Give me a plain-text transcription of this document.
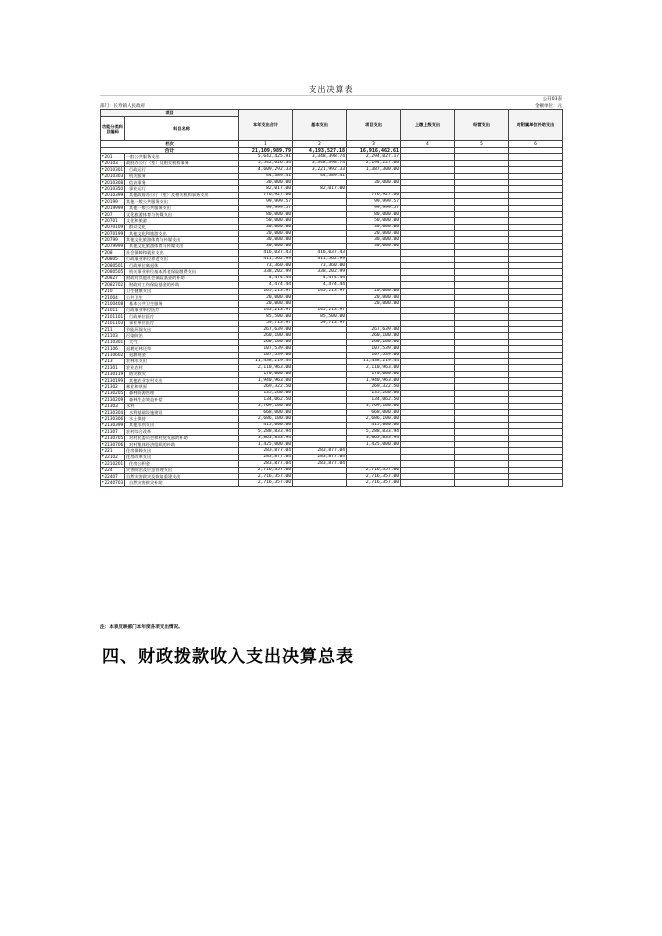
支出决算表
公开03表
部门：长寿镇人民政府	金额单位：元
项目		本年支出合计	基本支出	项目支出	上缴上级支出	经营支出	对附属单位补助支出
功能分类科目编码	科目名称						
栏次		1	2	3	4	5	6
合计		21,109,989.79	4,193,527.18	16,916,462.61			
201	一般公共服务支出	5,642,425.91	3,348,398.74	2,294,027.17			
20103	政府办公厅（室）及相关机构事务	5,542,626.34	3,348,398.74	2,194,227.60			
2010301	行政运行	4,609,292.33	3,221,992.33	1,387,300.00			
2010303	机关服务	44,389.41	44,389.41				
2010308	信访事务	30,000.00		30,000.00			
2010350	事业运行	82,017.00	82,017.00				
2010399	其他政府办公厅（室）及相关机构事务支出	776,927.60		776,927.60			
20199	其他一般公共服务支出	99,999.57		99,999.57			
2019999	其他一般公共服务支出	99,999.57		99,999.57			
207	文化旅游体育与传媒支出	80,000.00		80,000.00			
20701	文化和旅游	50,000.00		50,000.00			
2070109	群众文化	30,000.00		30,000.00			
2070199	其他文化和旅游支出	20,000.00		20,000.00			
20799	其他文化旅游体育与传媒支出	30,000.00		30,000.00			
2079999	其他文化旅游体育与传媒支出	30,000.00		30,000.00			
208	社会保障和就业支出	416,037.43	416,037.43				
20805	行政事业单位养老支出	411,562.99	411,562.99				
2080501	行政单位离退休	73,360.00	73,360.00				
2080505	机关事业单位基本养老保险缴费支出	338,202.99	338,202.99				
20827	财政对其他社会保险基金的补助	4,474.44	4,474.44				
2082702	财政对工伤保险基金的补助	4,474.44	4,474.44				
210	卫生健康支出	165,213.97	145,213.97	20,000.00			
21004	公共卫生	20,000.00		20,000.00			
2100408	基本公共卫生服务	20,000.00		20,000.00			
21011	行政事业单位医疗	145,213.97	145,213.97				
2101101	行政单位医疗	85,500.00	85,500.00				
2101103	事业单位医疗	59,713.97	59,713.97				
211	节能环保支出	267,639.00		267,639.00			
21103	污染防治	260,100.00		260,100.00			
2110301	大气	260,100.00		260,100.00			
21106	退耕还林还草	107,539.00		107,539.00			
2110602	退耕现金	107,539.00		107,539.00			
213	农林水支出	11,438,219.44		11,438,219.44			
21301	农业农村	2,110,963.00		2,110,963.00			
2130119	防灾救灾	170,000.00		170,000.00			
2130199	其他农业农村支出	1,940,963.00		1,940,963.00			
21302	林业和草原	269,322.50		269,322.50			
2130205	森林资源管理	135,260.00		135,260.00			
2130209	森林生态效益补偿	134,062.50		134,062.50			
21303	水利	3,769,100.00		3,769,100.00			
2130304	水利基础设施建设	668,000.00		668,000.00			
2130306	水土保持	2,686,100.00		2,686,100.00			
2130399	其他水利支出	415,000.00		415,000.00			
21307	农村综合改革	5,288,833.94		5,288,833.94			
2130705	对村民委员会和村党支部的补助	3,863,833.94		3,863,833.94			
2130706	对村集体经济组织的补助	1,425,000.00		1,425,000.00			
221	住房保障支出	283,877.04	283,877.04				
22102	住房改革支出	283,877.04	283,877.04				
2210201	住房公积金	283,877.04	283,877.04				
224	灾害防治及应急管理支出	2,716,357.00		2,716,357.00			
22407	自然灾害救灾及恢复重建支出	2,716,357.00		2,716,357.00			
2240703	自然灾害救灾补助	2,716,357.00		2,716,357.00			
注：本表反映部门本年度各项支出情况。
四、财政拨款收入支出决算总表
